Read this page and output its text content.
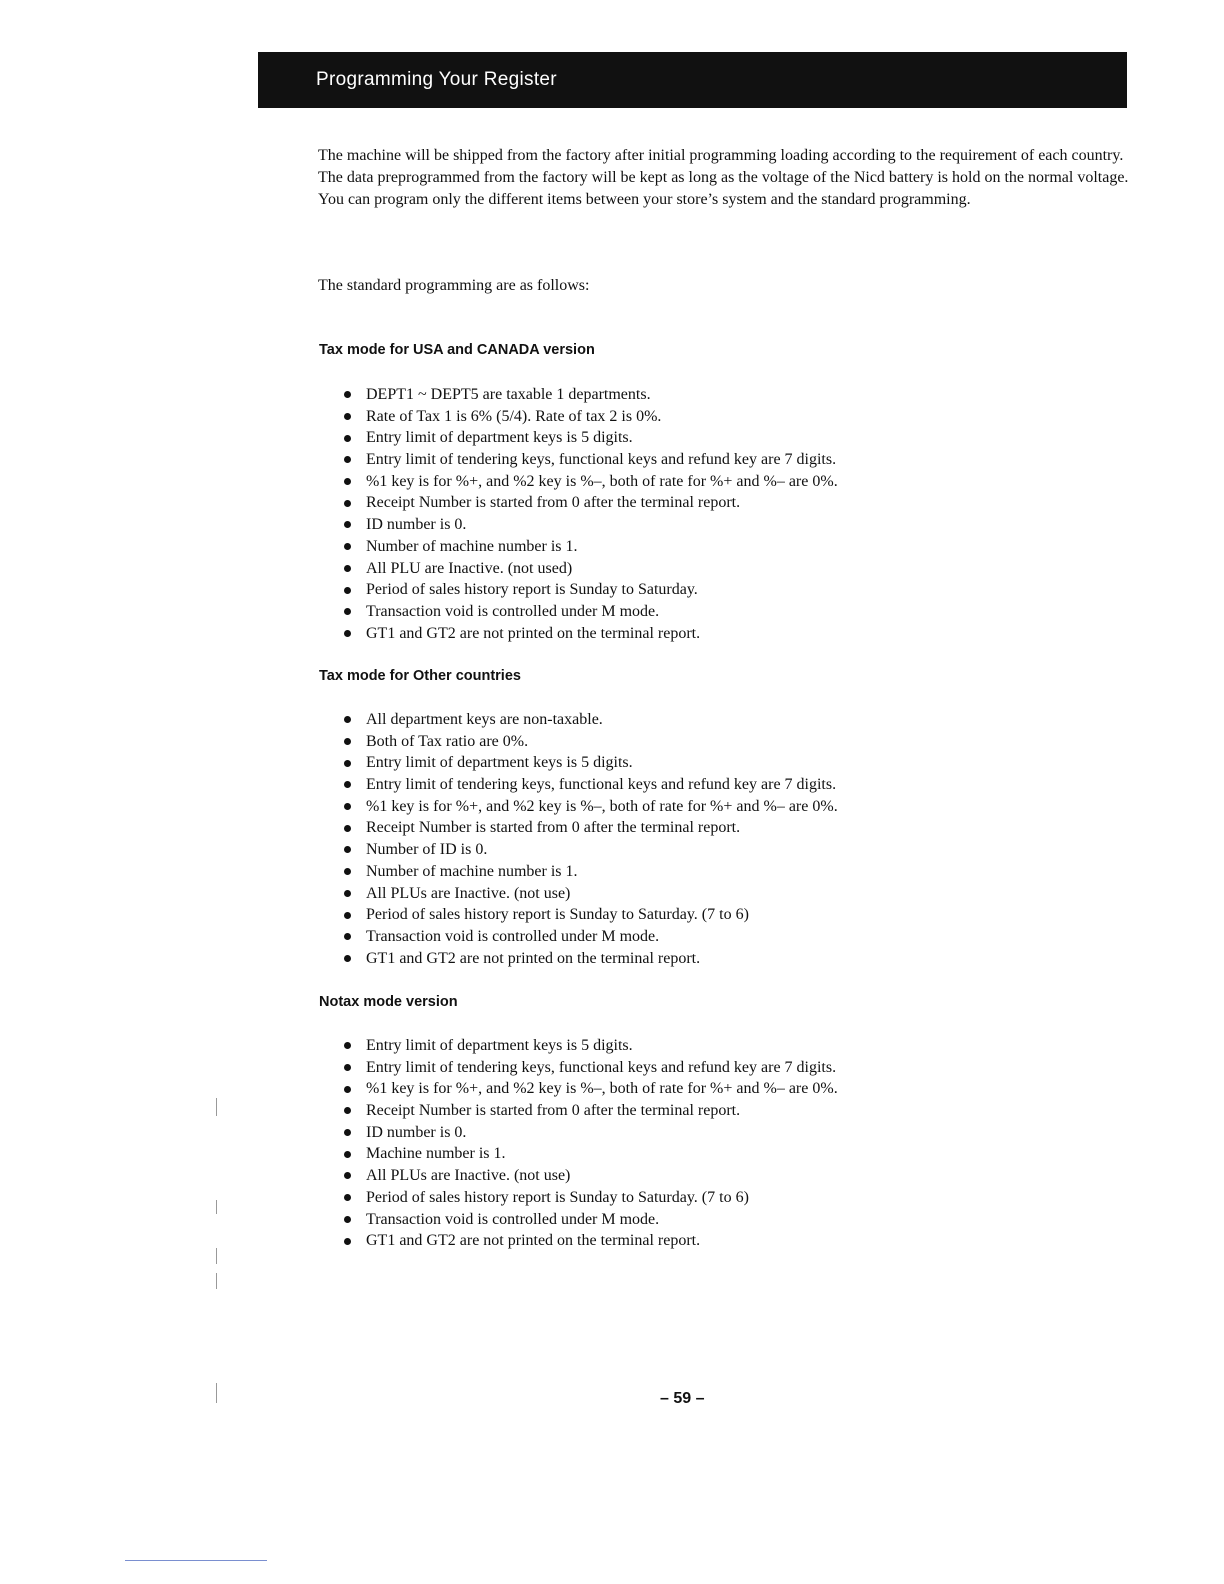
Programming Your Register

The machine will be shipped from the factory after initial programming loading according to the requirement of each country.

The data preprogrammed from the factory will be kept as long as the voltage of the Nicd battery is hold on the normal voltage.

You can program only the different items between your store’s system and the standard programming.

The standard programming are as follows:

Tax mode for USA and CANADA version
DEPT1 ~ DEPT5 are taxable 1 departments.
Rate of Tax 1 is 6% (5/4). Rate of tax 2 is 0%.
Entry limit of department keys is 5 digits.
Entry limit of tendering keys, functional keys and refund key are 7 digits.
%1 key is for %+, and %2 key is %–, both of rate for %+ and %– are 0%.
Receipt Number is started from 0 after the terminal report.
ID number is 0.
Number of machine number is 1.
All PLU are Inactive. (not used)
Period of sales history report is Sunday to Saturday.
Transaction void is controlled under M mode.
GT1 and GT2 are not printed on the terminal report.
Tax mode for Other countries
All department keys are non-taxable.
Both of Tax ratio are 0%.
Entry limit of department keys is 5 digits.
Entry limit of tendering keys, functional keys and refund key are 7 digits.
%1 key is for %+, and %2 key is %–, both of rate for %+ and %– are 0%.
Receipt Number is started from 0 after the terminal report.
Number of ID is 0.
Number of machine number is 1.
All PLUs are Inactive. (not use)
Period of sales history report is Sunday to Saturday. (7 to 6)
Transaction void is controlled under M mode.
GT1 and GT2 are not printed on the terminal report.
Notax mode version
Entry limit of department keys is 5 digits.
Entry limit of tendering keys, functional keys and refund key are 7 digits.
%1 key is for %+, and %2 key is %–, both of rate for %+ and %– are 0%.
Receipt Number is started from 0 after the terminal report.
ID number is 0.
Machine number is 1.
All PLUs are Inactive. (not use)
Period of sales history report is Sunday to Saturday. (7 to 6)
Transaction void is controlled under M mode.
GT1 and GT2 are not printed on the terminal report.
– 59 –
